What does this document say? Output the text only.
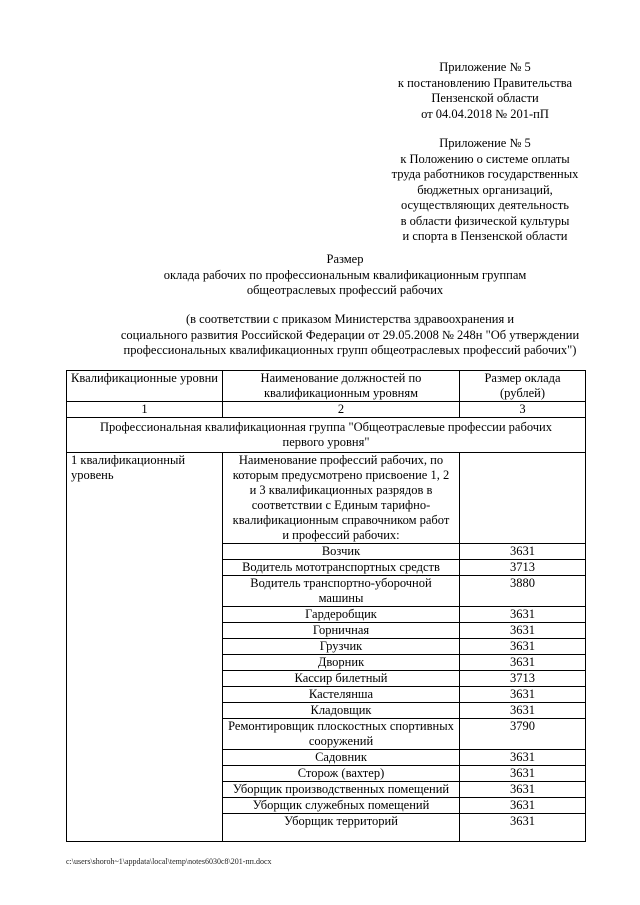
Приложение № 5
к постановлению Правительства
Пензенской области
от 04.04.2018 № 201-пП
Приложение № 5
к Положению о системе оплаты
труда работников государственных
бюджетных организаций,
осуществляющих деятельность
в области физической культуры
и спорта в Пензенской области
Размер
оклада рабочих по профессиональным квалификационным группам
общеотраслевых профессий рабочих
(в соответствии с приказом Министерства здравоохранения и
социального развития Российской Федерации от 29.05.2008 № 248н "Об утверждении
профессиональных квалификационных групп общеотраслевых профессий рабочих")
Квалификационные уровни	Наименование должностей по квалификационным уровням	Размер оклада (рублей)
1	2	3
Профессиональная квалификационная группа "Общеотраслевые профессии рабочих первого уровня"		
1 квалификационный уровень	Наименование профессий рабочих, по которым предусмотрено присвоение 1, 2 и 3 квалификационных разрядов в соответствии с Единым тарифно-квалификационным справочником работ и профессий рабочих:	
	Возчик	3631
	Водитель мототранспортных средств	3713
	Водитель транспортно-уборочной машины	3880
	Гардеробщик	3631
	Горничная	3631
	Грузчик	3631
	Дворник	3631
	Кассир билетный	3713
	Кастелянша	3631
	Кладовщик	3631
	Ремонтировщик плоскостных спортивных сооружений	3790
	Садовник	3631
	Сторож (вахтер)	3631
	Уборщик производственных помещений	3631
	Уборщик служебных помещений	3631
	Уборщик территорий	3631
c:\users\shoroh~1\appdata\local\temp\notes6030c8\201-пп.docx
